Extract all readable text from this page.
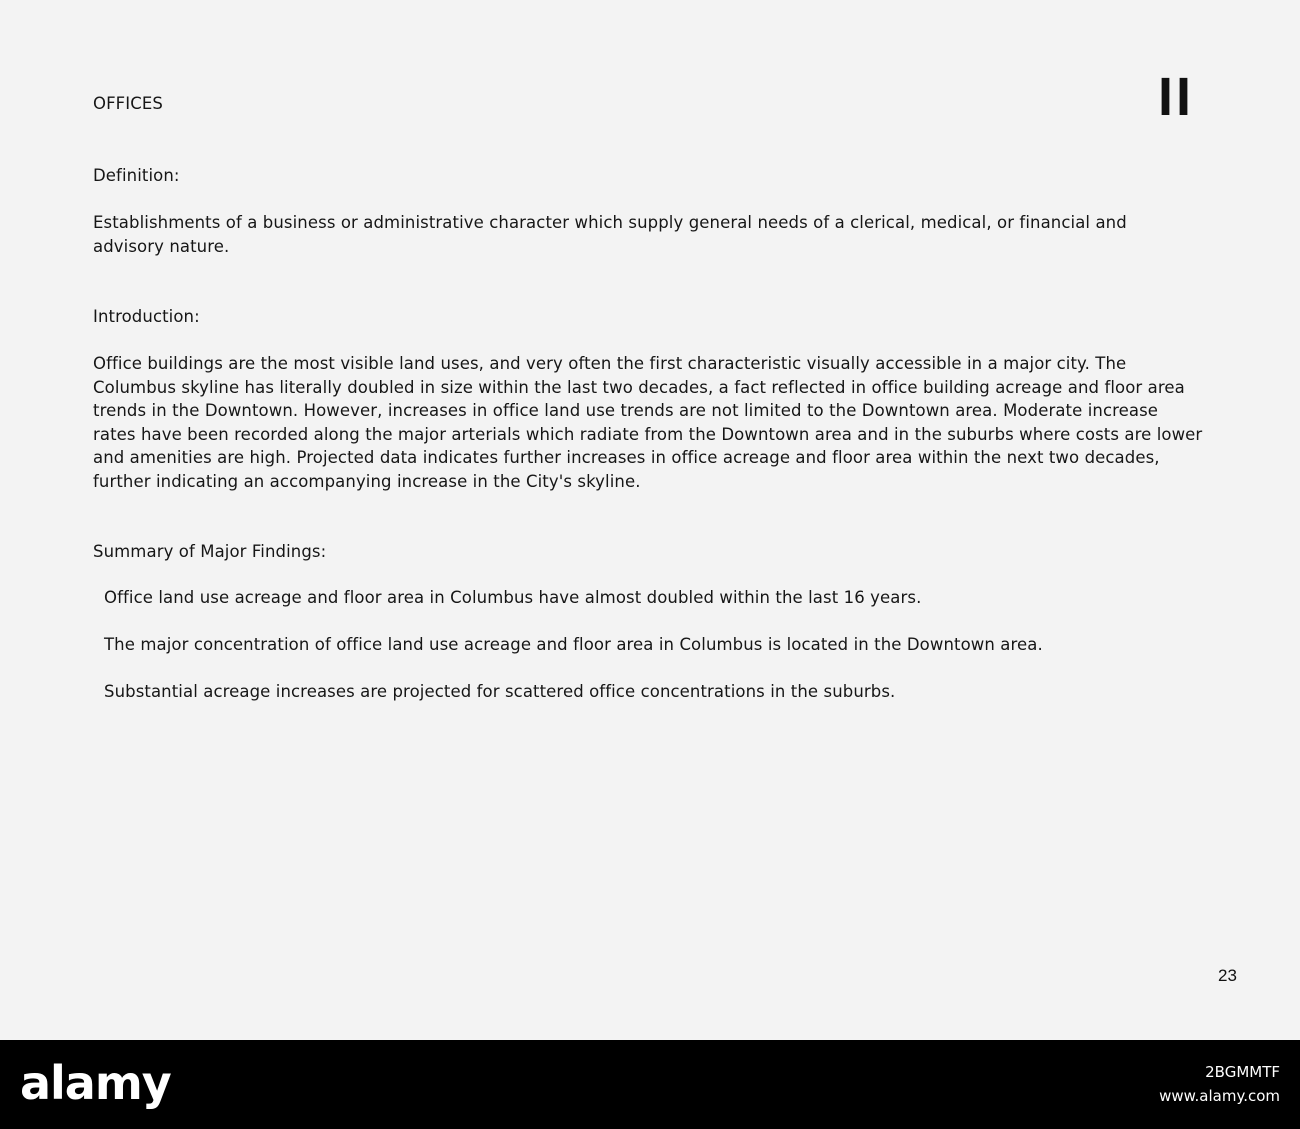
OFFICES	II

Definition:

Establishments of a business or administrative character which supply general needs of a clerical, medical, or financial and advisory nature.

Introduction:

Office buildings are the most visible land uses, and very often the first characteristic visually accessible in a major city. The Columbus skyline has literally doubled in size within the last two decades, a fact reflected in office building acreage and floor area trends in the Downtown. However, increases in office land use trends are not limited to the Downtown area. Moderate increase rates have been recorded along the major arterials which radiate from the Downtown area and in the suburbs where costs are lower and amenities are high. Projected data indicates further increases in office acreage and floor area within the next two decades, further indicating an accompanying increase in the City's skyline.

Summary of Major Findings:

Office land use acreage and floor area in Columbus have almost doubled within the last 16 years.

The major concentration of office land use acreage and floor area in Columbus is located in the Downtown area.

Substantial acreage increases are projected for scattered office concentrations in the suburbs.

23
alamy	2BGMMTF
www.alamy.com
